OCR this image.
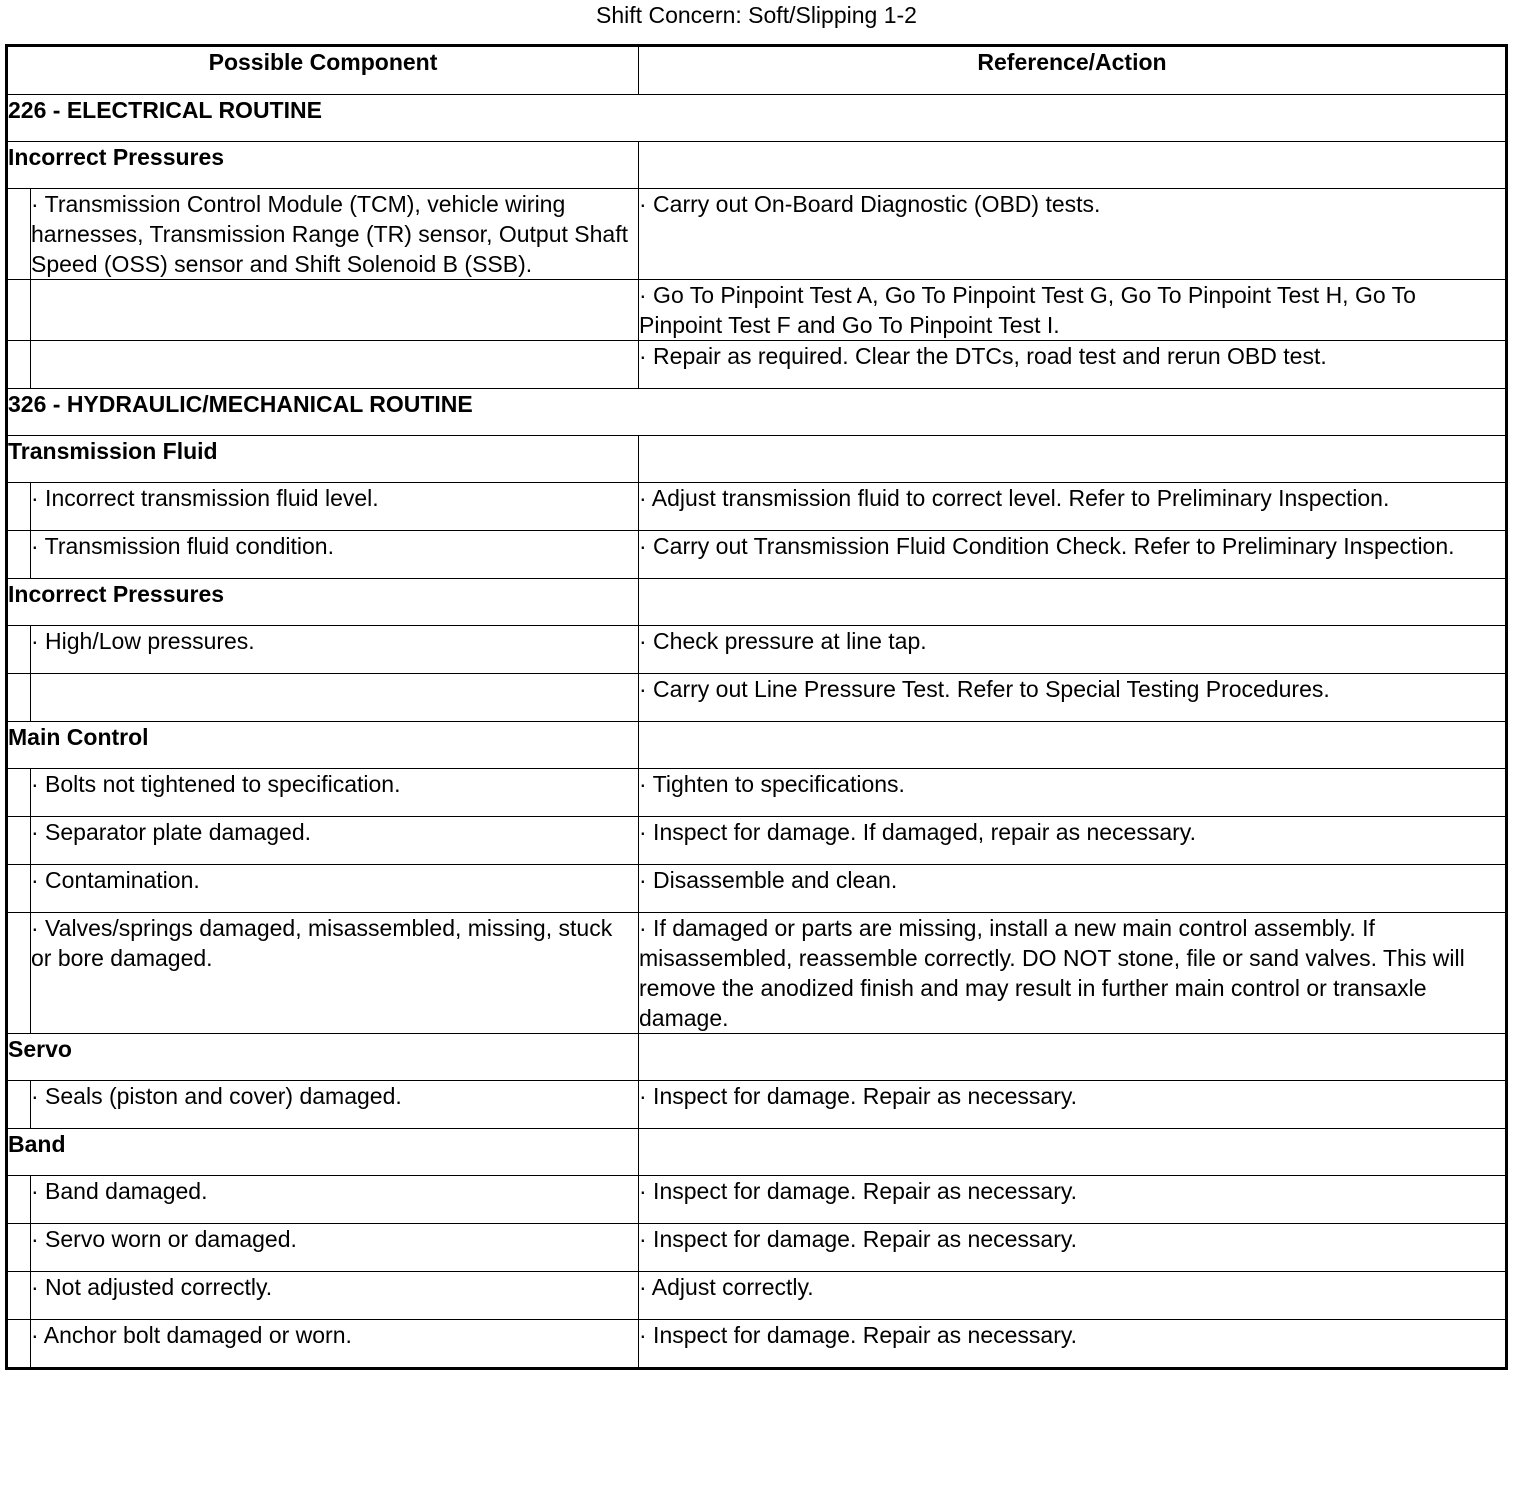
Shift Concern: Soft/Slipping 1-2
Possible Component		Reference/Action
226 - ELECTRICAL ROUTINE		
Incorrect Pressures		
	· Transmission Control Module (TCM), vehicle wiring harnesses, Transmission Range (TR) sensor, Output Shaft Speed (OSS) sensor and Shift Solenoid B (SSB).	· Carry out On-Board Diagnostic (OBD) tests.
		· Go To Pinpoint Test A, Go To Pinpoint Test G, Go To Pinpoint Test H, Go To Pinpoint Test F and Go To Pinpoint Test I.
		· Repair as required. Clear the DTCs, road test and rerun OBD test.
326 - HYDRAULIC/MECHANICAL ROUTINE		
Transmission Fluid		
	· Incorrect transmission fluid level.	· Adjust transmission fluid to correct level. Refer to Preliminary Inspection.
	· Transmission fluid condition.	· Carry out Transmission Fluid Condition Check. Refer to Preliminary Inspection.
Incorrect Pressures		
	· High/Low pressures.	· Check pressure at line tap.
		· Carry out Line Pressure Test. Refer to Special Testing Procedures.
Main Control		
	· Bolts not tightened to specification.	· Tighten to specifications.
	· Separator plate damaged.	· Inspect for damage. If damaged, repair as necessary.
	· Contamination.	· Disassemble and clean.
	· Valves/springs damaged, misassembled, missing, stuck or bore damaged.	· If damaged or parts are missing, install a new main control assembly. If misassembled, reassemble correctly. DO NOT stone, file or sand valves. This will remove the anodized finish and may result in further main control or transaxle damage.
Servo		
	· Seals (piston and cover) damaged.	· Inspect for damage. Repair as necessary.
Band		
	· Band damaged.	· Inspect for damage. Repair as necessary.
	· Servo worn or damaged.	· Inspect for damage. Repair as necessary.
	· Not adjusted correctly.	· Adjust correctly.
	· Anchor bolt damaged or worn.	· Inspect for damage. Repair as necessary.
